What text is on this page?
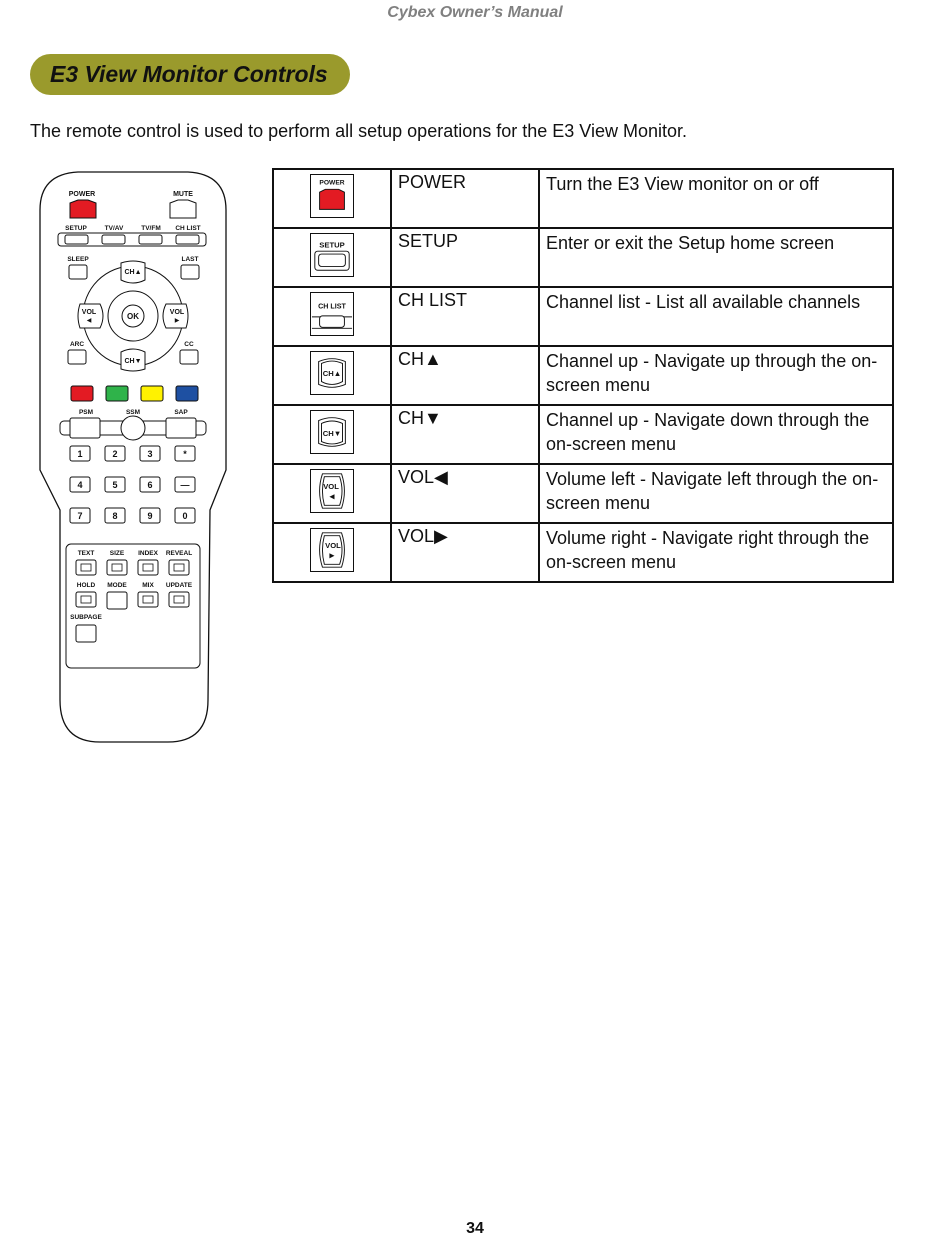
Cybex Owner’s Manual
E3 View Monitor Controls

The remote control is used to perform all setup operations for the E3 View Monitor.

POWER	MUTE
SETUP	TV/AV	TV/FM CH LIST
SLEEP	LAST
OK
CH▲
CH▼
VOL
◀
VOL
▶
ARC	CC
PSM	SSM	SAP
1	2	3	*
4	5	6	—
7	8	9	0
TEXT SIZE INDEX REVEAL
HOLD MODE MIX UPDATE
SUBPAGE
POWER	POWER	Turn the E3 View monitor on or off

SETUP	SETUP	Enter or exit the Setup home screen

CH LIST	CH LIST	Channel list - List all available channels

CH▲	CH▲	Channel up - Navigate up through the on-screen menu

CH▼	CH▼	Channel up - Navigate down through the on-screen menu

VOL
◀	VOL◀	Volume left - Navigate left through the on-screen menu

VOL
▶	VOL▶	Volume right - Navigate right through the on-screen menu
34
